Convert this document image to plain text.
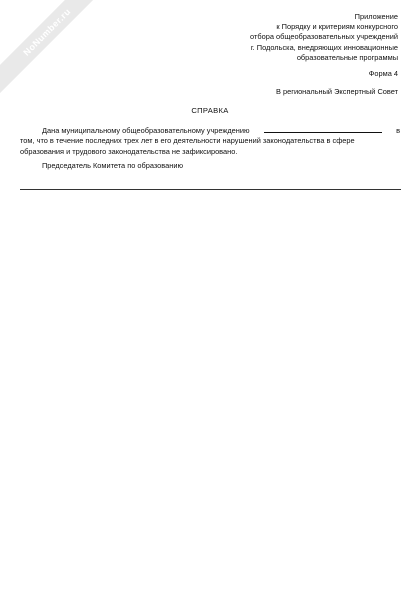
NoNumber.ru	Приложение
к Порядку и критериям конкурсного
отбора общеобразовательных учреждений
г. Подольска, внедряющих инновационные
образовательные программы
Форма 4
В региональный Экспертный Совет
СПРАВКА
Дана муниципальному общеобразовательному учреждению	в
том, что в течение последних трех лет в его деятельности нарушений законодательства в сфере
образования и трудового законодательства не зафиксировано.
Председатель Комитета по образованию
